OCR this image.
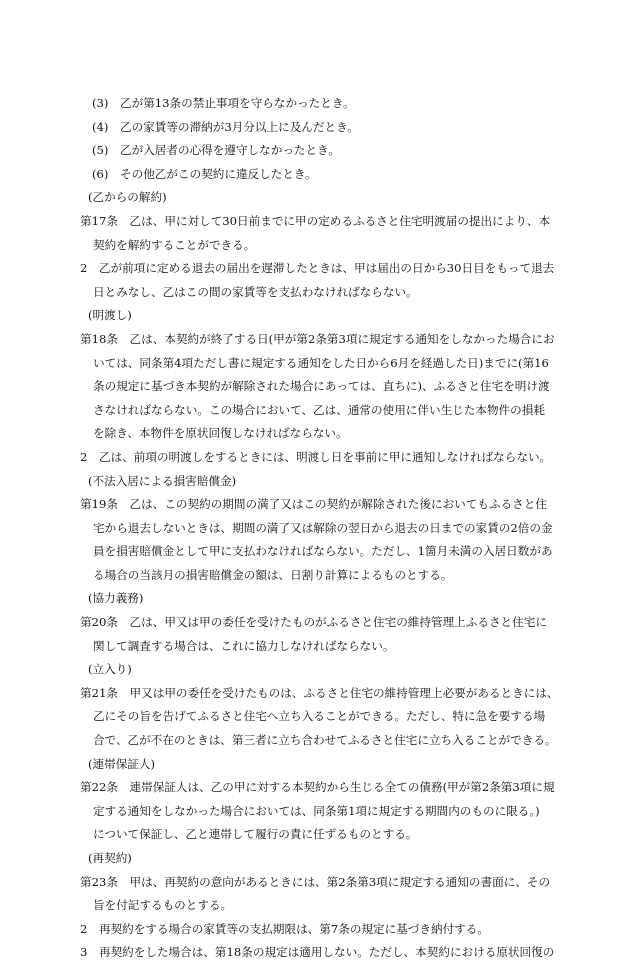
(3)　乙が第13条の禁止事項を守らなかったとき。
(4)　乙の家賃等の滞納が3月分以上に及んだとき。
(5)　乙が入居者の心得を遵守しなかったとき。
(6)　その他乙がこの契約に違反したとき。
(乙からの解約)
第17条　乙は、甲に対して30日前までに甲の定めるふるさと住宅明渡届の提出により、本
契約を解約することができる。
2　乙が前項に定める退去の届出を遅滞したときは、甲は届出の日から30日目をもって退去
日とみなし、乙はこの間の家賃等を支払わなければならない。
(明渡し)
第18条　乙は、本契約が終了する日(甲が第2条第3項に規定する通知をしなかった場合にお
いては、同条第4項ただし書に規定する通知をした日から6月を経過した日)までに(第16
条の規定に基づき本契約が解除された場合にあっては、直ちに)、ふるさと住宅を明け渡
さなければならない。この場合において、乙は、通常の使用に伴い生じた本物件の損耗
を除き、本物件を原状回復しなければならない。
2　乙は、前項の明渡しをするときには、明渡し日を事前に甲に通知しなければならない。
(不法入居による損害賠償金)
第19条　乙は、この契約の期間の満了又はこの契約が解除された後においてもふるさと住
宅から退去しないときは、期間の満了又は解除の翌日から退去の日までの家賃の2倍の金
員を損害賠償金として甲に支払わなければならない。ただし、1箇月未満の入居日数があ
る場合の当該月の損害賠償金の額は、日割り計算によるものとする。
(協力義務)
第20条　乙は、甲又は甲の委任を受けたものがふるさと住宅の維持管理上ふるさと住宅に
関して調査する場合は、これに協力しなければならない。
(立入り)
第21条　甲又は甲の委任を受けたものは、ふるさと住宅の維持管理上必要があるときには、
乙にその旨を告げてふるさと住宅へ立ち入ることができる。ただし、特に急を要する場
合で、乙が不在のときは、第三者に立ち合わせてふるさと住宅に立ち入ることができる。
(連帯保証人)
第22条　連帯保証人は、乙の甲に対する本契約から生じる全ての債務(甲が第2条第3項に規
定する通知をしなかった場合においては、同条第1項に規定する期間内のものに限る。)
について保証し、乙と連帯して履行の責に任ずるものとする。
(再契約)
第23条　甲は、再契約の意向があるときには、第2条第3項に規定する通知の書面に、その
旨を付記するものとする。
2　再契約をする場合の家賃等の支払期限は、第7条の規定に基づき納付する。
3　再契約をした場合は、第18条の規定は適用しない。ただし、本契約における原状回復の
